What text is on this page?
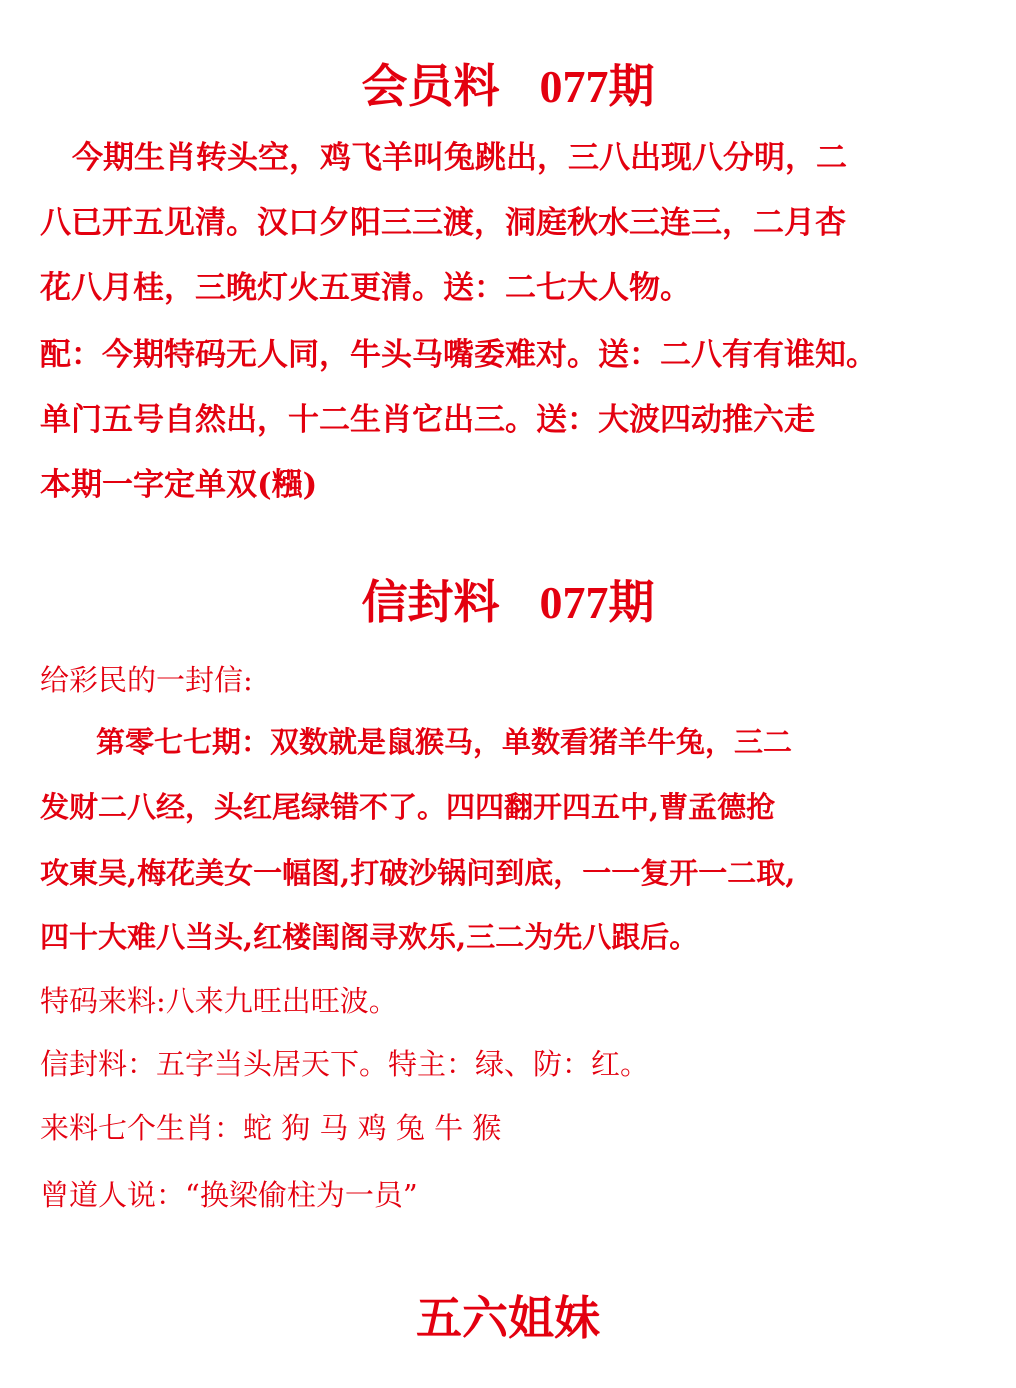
会员料 077期
今期生肖转头空，鸡飞羊叫兔跳出，三八出现八分明，二
八已开五见清。汉口夕阳三三渡，洞庭秋水三连三，二月杏
花八月桂，三晚灯火五更清。送：二七大人物。
配：今期特码无人同，牛头马嘴委难对。送：二八有有谁知。
单门五号自然出，十二生肖它出三。送：大波四动推六走
本期一字定单双(糨)
信封料 077期
给彩民的一封信:
第零七七期：双数就是鼠猴马，单数看猪羊牛兔，三二
发财二八经，头红尾绿错不了。四四翻开四五中,曹孟德抢
攻東吴,梅花美女一幅图,打破沙锅问到底，一一复开一二取,
四十大难八当头,红楼闺阁寻欢乐,三二为先八跟后。
特码来料:八来九旺出旺波。
信封料：五字当头居天下。特主：绿、防：红。
来料七个生肖：蛇 狗 马 鸡 兔 牛 猴
曾道人说：“换梁偷柱为一员”
五六姐妹
